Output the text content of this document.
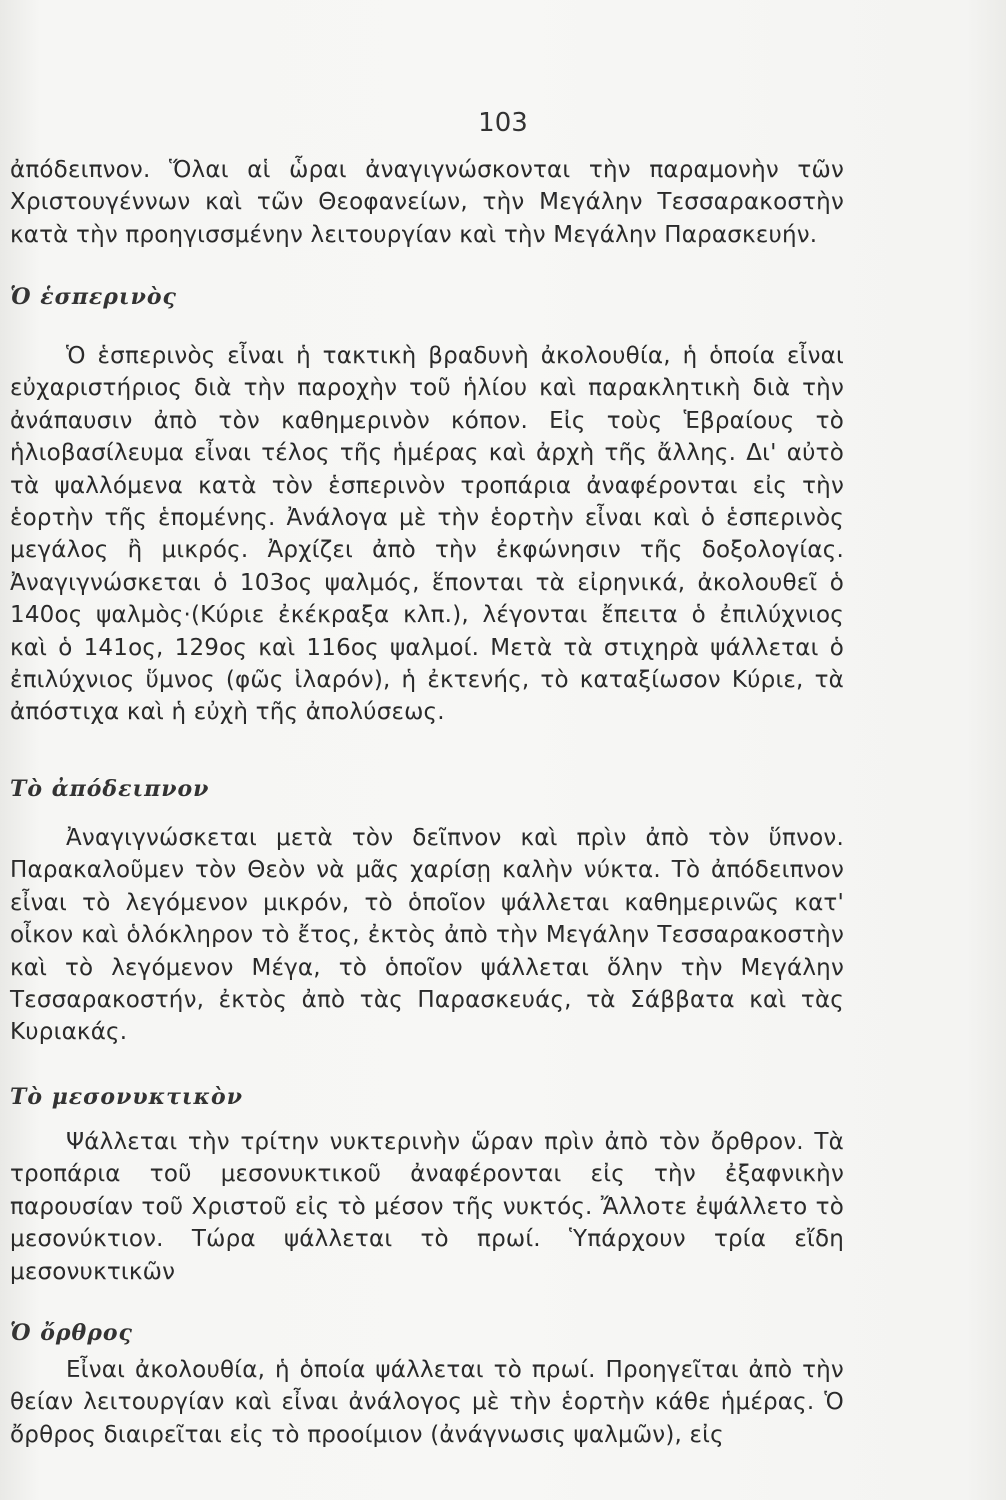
103

ἀπόδειπνον. Ὅλαι αἱ ὧραι ἀναγιγνώσκονται τὴν παραμονὴν τῶν Χριστουγέννων καὶ τῶν Θεοφανείων, τὴν Μεγάλην Τεσσαρακοστὴν κατὰ τὴν προηγισσμένην λειτουργίαν καὶ τὴν Μεγάλην Παρασκευήν.

Ὁ ἑσπερινὸς

Ὁ ἑσπερινὸς εἶναι ἡ τακτικὴ βραδυνὴ ἀκολουθία, ἡ ὁποία εἶναι εὐχαριστήριος διὰ τὴν παροχὴν τοῦ ἡλίου καὶ παρακλητικὴ διὰ τὴν ἀνάπαυσιν ἀπὸ τὸν καθημερινὸν κόπον. Εἰς τοὺς Ἑβραίους τὸ ἡλιοβασίλευμα εἶναι τέλος τῆς ἡμέρας καὶ ἀρχὴ τῆς ἄλλης. Δι' αὐτὸ τὰ ψαλλόμενα κατὰ τὸν ἑσπερινὸν τροπάρια ἀναφέρονται εἰς τὴν ἑορτὴν τῆς ἑπομένης. Ἀνάλογα μὲ τὴν ἑορτὴν εἶναι καὶ ὁ ἑσπερινὸς μεγάλος ἢ μικρός. Ἀρχίζει ἀπὸ τὴν ἐκφώνησιν τῆς δοξολογίας. Ἀναγιγνώσκεται ὁ 103ος ψαλμός, ἕπονται τὰ εἰρηνικά, ἀκολουθεῖ ὁ 140ος ψαλμὸς·(Κύριε ἐκέκραξα κλπ.), λέγονται ἔπειτα ὁ ἐπιλύχνιος καὶ ὁ 141ος, 129ος καὶ 116ος ψαλμοί. Μετὰ τὰ στιχηρὰ ψάλλεται ὁ ἐπιλύχνιος ὕμνος (φῶς ἱλαρόν), ἡ ἐκτενής, τὸ καταξίωσον Κύριε, τὰ ἀπόστιχα καὶ ἡ εὐχὴ τῆς ἀπολύσεως.

Τὸ ἀπόδειπνον

Ἀναγιγνώσκεται μετὰ τὸν δεῖπνον καὶ πρὶν ἀπὸ τὸν ὕπνον. Παρακαλοῦμεν τὸν Θεὸν νὰ μᾶς χαρίσῃ καλὴν νύκτα. Τὸ ἀπόδειπνον εἶναι τὸ λεγόμενον μικρόν, τὸ ὁποῖον ψάλλεται καθημερινῶς κατ' οἶκον καὶ ὁλόκληρον τὸ ἔτος, ἐκτὸς ἀπὸ τὴν Μεγάλην Τεσσαρακοστὴν καὶ τὸ λεγόμενον Μέγα, τὸ ὁποῖον ψάλλεται ὅλην τὴν Μεγάλην Τεσσαρακοστήν, ἐκτὸς ἀπὸ τὰς Παρασκευάς, τὰ Σάββατα καὶ τὰς Κυριακάς.

Τὸ μεσονυκτικὸν

Ψάλλεται τὴν τρίτην νυκτερινὴν ὥραν πρὶν ἀπὸ τὸν ὄρθρον. Τὰ τροπάρια τοῦ μεσονυκτικοῦ ἀναφέρονται εἰς τὴν ἐξαφνικὴν παρουσίαν τοῦ Χριστοῦ εἰς τὸ μέσον τῆς νυκτός. Ἄλλοτε ἐψάλλετο τὸ μεσονύκτιον. Τώρα ψάλλεται τὸ πρωί. Ὑπάρχουν τρία εἴδη μεσονυκτικῶν

Ὁ ὄρθρος

Εἶναι ἀκολουθία, ἡ ὁποία ψάλλεται τὸ πρωί. Προηγεῖται ἀπὸ τὴν θείαν λειτουργίαν καὶ εἶναι ἀνάλογος μὲ τὴν ἑορτὴν κάθε ἡμέρας. Ὁ ὄρθρος διαιρεῖται εἰς τὸ προοίμιον (ἀνάγνωσις ψαλμῶν), εἰς
